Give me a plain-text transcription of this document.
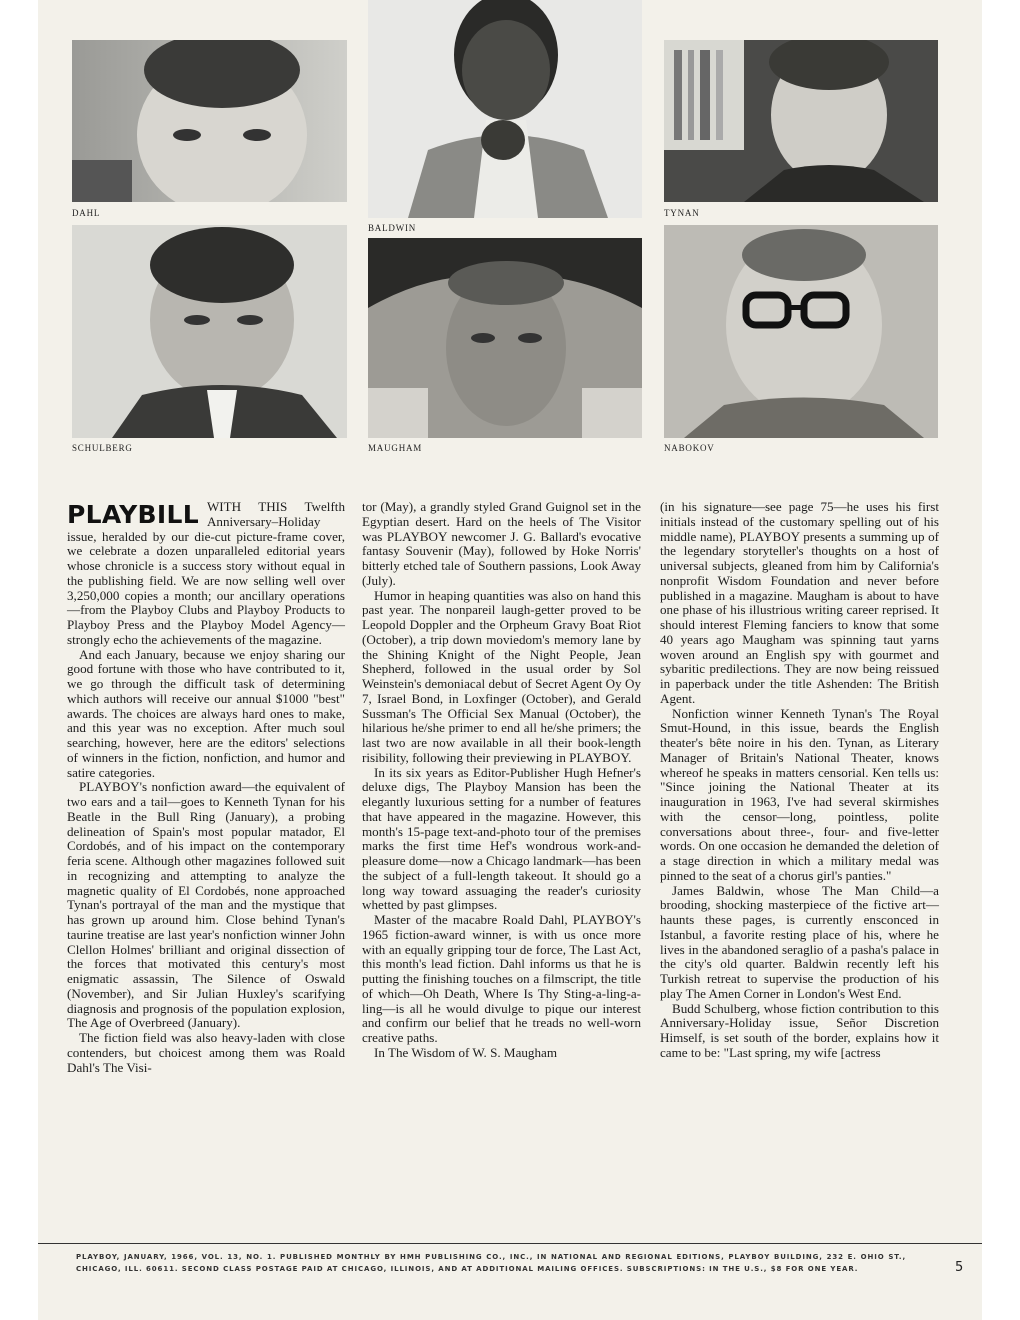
DAHL
BALDWIN
TYNAN
SCHULBERG	MAUGHAM	NABOKOV
PLAYBILL WITH THIS Twelfth Anniversary–Holiday issue, heralded by our die-cut picture-frame cover, we celebrate a dozen unparalleled editorial years whose chronicle is a success story without equal in the publishing field. We are now selling well over 3,250,000 copies a month; our ancillary operations—from the Playboy Clubs and Playboy Products to Playboy Press and the Playboy Model Agency—strongly echo the achievements of the magazine.

And each January, because we enjoy sharing our good fortune with those who have contributed to it, we go through the difficult task of determining which authors will receive our annual $1000 "best" awards. The choices are always hard ones to make, and this year was no exception. After much soul searching, however, here are the editors' selections of winners in the fiction, nonfiction, and humor and satire categories.

PLAYBOY's nonfiction award—the equivalent of two ears and a tail—goes to Kenneth Tynan for his Beatle in the Bull Ring (January), a probing delineation of Spain's most popular matador, El Cordobés, and of his impact on the contemporary feria scene. Although other magazines followed suit in recognizing and attempting to analyze the magnetic quality of El Cordobés, none approached Tynan's portrayal of the man and the mystique that has grown up around him. Close behind Tynan's taurine treatise are last year's nonfiction winner John Clellon Holmes' brilliant and original dissection of the forces that motivated this century's most enigmatic assassin, The Silence of Oswald (November), and Sir Julian Huxley's scarifying diagnosis and prognosis of the population explosion, The Age of Overbreed (January).

The fiction field was also heavy-laden with close contenders, but choicest among them was Roald Dahl's The Visi-

tor (May), a grandly styled Grand Guignol set in the Egyptian desert. Hard on the heels of The Visitor was PLAYBOY newcomer J. G. Ballard's evocative fantasy Souvenir (May), followed by Hoke Norris' bitterly etched tale of Southern passions, Look Away (July).

Humor in heaping quantities was also on hand this past year. The nonpareil laugh-getter proved to be Leopold Doppler and the Orpheum Gravy Boat Riot (October), a trip down moviedom's memory lane by the Shining Knight of the Night People, Jean Shepherd, followed in the usual order by Sol Weinstein's demoniacal debut of Secret Agent Oy Oy 7, Israel Bond, in Loxfinger (October), and Gerald Sussman's The Official Sex Manual (October), the hilarious he/she primer to end all he/she primers; the last two are now available in all their book-length risibility, following their previewing in PLAYBOY.

In its six years as Editor-Publisher Hugh Hefner's deluxe digs, The Playboy Mansion has been the elegantly luxurious setting for a number of features that have appeared in the magazine. However, this month's 15-page text-and-photo tour of the premises marks the first time Hef's wondrous work-and-pleasure dome—now a Chicago landmark—has been the subject of a full-length takeout. It should go a long way toward assuaging the reader's curiosity whetted by past glimpses.

Master of the macabre Roald Dahl, PLAYBOY's 1965 fiction-award winner, is with us once more with an equally gripping tour de force, The Last Act, this month's lead fiction. Dahl informs us that he is putting the finishing touches on a filmscript, the title of which—Oh Death, Where Is Thy Sting-a-ling-a-ling—is all he would divulge to pique our interest and confirm our belief that he treads no well-worn creative paths.

In The Wisdom of W. S. Maugham

(in his signature—see page 75—he uses his first initials instead of the customary spelling out of his middle name), PLAYBOY presents a summing up of the legendary storyteller's thoughts on a host of universal subjects, gleaned from him by California's nonprofit Wisdom Foundation and never before published in a magazine. Maugham is about to have one phase of his illustrious writing career reprised. It should interest Fleming fanciers to know that some 40 years ago Maugham was spinning taut yarns woven around an English spy with gourmet and sybaritic predilections. They are now being reissued in paperback under the title Ashenden: The British Agent.

Nonfiction winner Kenneth Tynan's The Royal Smut-Hound, in this issue, beards the English theater's bête noire in his den. Tynan, as Literary Manager of Britain's National Theater, knows whereof he speaks in matters censorial. Ken tells us: "Since joining the National Theater at its inauguration in 1963, I've had several skirmishes with the censor—long, pointless, polite conversations about three-, four- and five-letter words. On one occasion he demanded the deletion of a stage direction in which a military medal was pinned to the seat of a chorus girl's panties."

James Baldwin, whose The Man Child—a brooding, shocking masterpiece of the fictive art—haunts these pages, is currently ensconced in Istanbul, a favorite resting place of his, where he lives in the abandoned seraglio of a pasha's palace in the city's old quarter. Baldwin recently left his Turkish retreat to supervise the production of his play The Amen Corner in London's West End.

Budd Schulberg, whose fiction contribution to this Anniversary-Holiday issue, Señor Discretion Himself, is set south of the border, explains how it came to be: "Last spring, my wife [actress

PLAYBOY, JANUARY, 1966, VOL. 13, NO. 1. PUBLISHED MONTHLY BY HMH PUBLISHING CO., INC., IN NATIONAL AND REGIONAL EDITIONS, PLAYBOY BUILDING, 232 E. OHIO ST., CHICAGO, ILL. 60611. SECOND CLASS POSTAGE PAID AT CHICAGO, ILLINOIS, AND AT ADDITIONAL MAILING OFFICES. SUBSCRIPTIONS: IN THE U.S., $8 FOR ONE YEAR.	5
